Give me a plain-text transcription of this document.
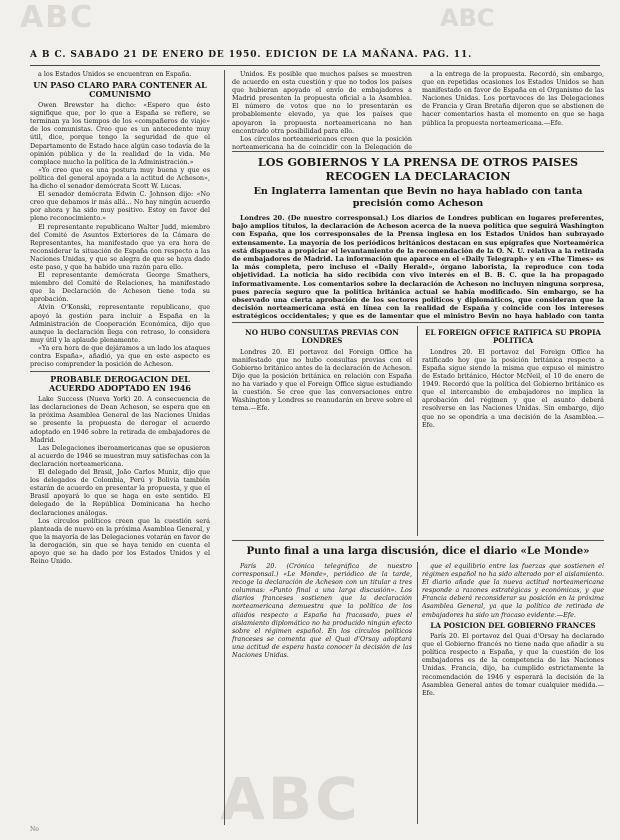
ABC	ABC
ABC
A B C. SABADO 21 DE ENERO DE 1950. EDICION DE LA MAÑANA. PAG. 11.

a los Estados Unidos se encuentran en España.

UN PASO CLARO PARA CONTENER AL COMUNISMO

Owen Brewster ha dicho: «Espero que ésto signifique que, por lo que a España se refiere, se terminan ya los tiempos de los «compañeros de viaje» de los comunistas. Creo que es un antecedente muy útil, dice, porque tengo la seguridad de que el Departamento de Estado hace algún caso todavía de la opinión pública y de la realidad de la vida. Me complace mucho la política de la Administración.»

«Yo creo que es una postura muy buena y que es política del general apoyada a la actitud de Acheson», ha dicho el senador demócrata Scott W. Lucas.

El senador demócrata Edwin C. Johnson dijo: «No creo que debamos ir más allá... No hay ningún acuerdo por ahora y ha sido muy positivo. Estoy en favor del pleno reconocimiento.»

El representante republicano Walter Judd, miembro del Comité de Asuntos Exteriores de la Cámara de Representantes, ha manifestado que ya era hora de reconsiderar la situación de España con respecto a las Naciones Unidas, y que se alegra de que se haya dado este paso, y que ha habido una razón para ello.

El representante demócrata George Smathers, miembro del Comité de Relaciones, ha manifestado que la Declaración de Acheson tiene toda su aprobación.

Alvin O'Konski, representante republicano, que apoyó la gestión para incluir a España en la Administración de Cooperación Económica, dijo que aunque la declaración llega con retraso, lo considera muy útil y la aplaude plenamente.

«Ya era hora de que dejáramos a un lado los ataques contra España», añadió, ya que en este aspecto es preciso comprender la posición de Acheson.

PROBABLE DEROGACION DEL ACUERDO ADOPTADO EN 1946

Lake Success (Nueva York) 20. A consecuencia de las declaraciones de Dean Acheson, se espera que en la próxima Asamblea General de las Naciones Unidas se presente la propuesta de derogar el acuerdo adoptado en 1946 sobre la retirada de embajadores de Madrid.

Las Delegaciones iberoamericanas que se opusieron al acuerdo de 1946 se muestran muy satisfechas con la declaración norteamericana.

El delegado del Brasil, João Carlos Muniz, dijo que los delegados de Colombia, Perú y Bolivia también estarán de acuerdo en presentar la propuesta, y que el Brasil apoyará lo que se haga en este sentido. El delegado de la República Dominicana ha hecho declaraciones análogas.

Los circulos políticos creen que la cuestión será planteada de nuevo en la próxima Asamblea General, y que la mayoría de las Delegaciones votarán en favor de la derogación, sin que se haya tenido en cuenta el apoyo que se ha dado por los Estados Unidos y el Reino Unido.

Unidos. Es posible que muchos países se muestren de acuerdo en esta cuestión y que no todos los países que hubieran apoyado el envío de embajadores a Madrid presenten la propuesta oficial a la Asamblea. El número de votos que no lo presentarán es probablemente elevado, ya que los países que apoyaron la propuesta norteamericana no han encontrado otra posibilidad para ello.

Los círculos norteamericanos creen que la posición norteamericana ha de coincidir con la Delegación de

a la entrega de la propuesta. Recordó, sin embargo, que en repetidas ocasiones los Estados Unidos se han manifestado en favor de España en el Organismo de las Naciones Unidas. Los portavoces de las Delegaciones de Francia y Gran Bretaña dijeron que se abstienen de hacer comentarios hasta el momento en que se haga pública la propuesta norteamericana.—Efe.

LOS GOBIERNOS Y LA PRENSA DE OTROS PAISES RECOGEN LA DECLARACION
En Inglaterra lamentan que Bevin no haya hablado con tanta precisión como Acheson

Londres 20. (De nuestro corresponsal.) Los diarios de Londres publican en lugares preferentes, bajo amplios títulos, la declaración de Acheson acerca de la nueva política que seguirá Washington con España, que los corresponsales de la Prensa inglesa en los Estados Unidos han subrayado extensamente. La mayoría de los periódicos británicos destacan en sus epígrafes que Norteamérica está dispuesta a propiciar el levantamiento de la recomendación de la O. N. U. relativa a la retirada de embajadores de Madrid. La información que aparece en el «Daily Telegraph» y en «The Times» es la más completa, pero incluso el «Daily Herald», órgano laborista, la reproduce con toda objetividad. La noticia ha sido recibida con vivo interés en el B. B. C. que la ha propagado informativamente. Los comentarios sobre la declaración de Acheson no incluyen ninguna sorpresa, pues parecía seguro que la política británica actual se había modificado. Sin embargo, se ha observado una cierta aprobación de los sectores políticos y diplomáticos, que consideran que la decisión norteamericana está en línea con la realidad de España y coincide con los intereses estratégicos occidentales; y que es de lamentar que el ministro Bevin no haya hablado con tanta

NO HUBO CONSULTAS PREVIAS CON LONDRES

Londres 20. El portavoz del Foreign Office ha manifestado que no hubo consultas previas con el Gobierno británico antes de la declaración de Acheson. Dijo que la posición británica en relación con España no ha variado y que el Foreign Office sigue estudiando la cuestión. Se cree que las conversaciones entre Washington y Londres se reanudarán en breve sobre el tema.—Efe.

EL FOREIGN OFFICE RATIFICA SU PROPIA POLITICA

Londres 20. El portavoz del Foreign Office ha ratificado hoy que la posición británica respecto a España sigue siendo la misma que expuso el ministro de Estado británico, Héctor McNeil, el 10 de enero de 1949. Recordó que la política del Gobierno británico es que el intercambio de embajadores no implica la aprobación del régimen y que el asunto deberá resolverse en las Naciones Unidas. Sin embargo, dijo que no se opondría a una decisión de la Asamblea.—Efe.

Punto final a una larga discusión, dice el diario «Le Monde»

París 20. (Crónica telegráfica de nuestro corresponsal.) «Le Monde», periódico de la tarde, recoge la declaración de Acheson con un titular a tres columnas: «Punto final a una larga discusión». Los diarios franceses sostienen que la declaración norteamericana demuestra que la política de los aliados respecto a España ha fracasado, pues el aislamiento diplomático no ha producido ningún efecto sobre el régimen español. En los círculos políticos franceses se comenta que el Quai d'Orsay adoptará una actitud de espera hasta conocer la decisión de las Naciones Unidas.

que el equilibrio entre las fuerzas que sostienen el régimen español no ha sido alterado por el aislamiento. El diario añade que la nueva actitud norteamericana responde a razones estratégicas y económicas, y que Francia deberá reconsiderar su posición en la próxima Asamblea General, ya que la política de retirada de embajadores ha sido un fracaso evidente.—Efe.

LA POSICION DEL GOBIERNO FRANCES

París 20. El portavoz del Quai d'Orsay ha declarado que el Gobierno francés no tiene nada que añadir a su política respecto a España, y que la cuestión de los embajadores es de la competencia de las Naciones Unidas. Francia, dijo, ha cumplido estrictamente la recomendación de 1946 y esperará la decisión de la Asamblea General antes de tomar cualquier medida.—Efe.

No
